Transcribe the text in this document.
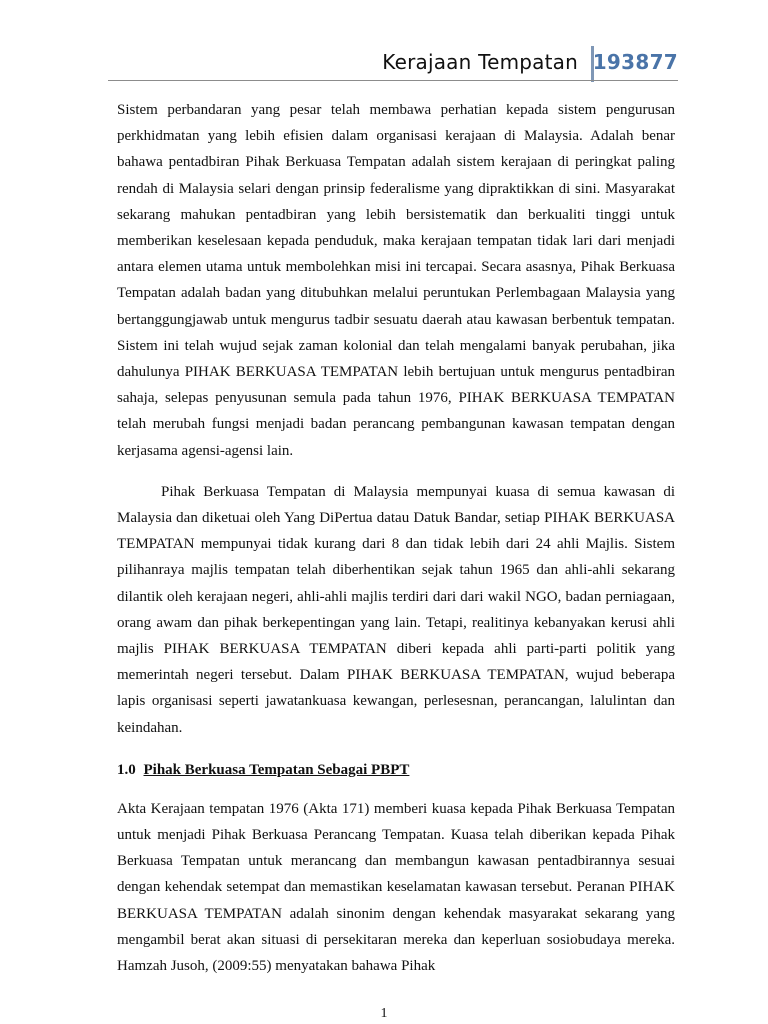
Kerajaan Tempatan 193877

Sistem perbandaran yang pesar telah membawa perhatian kepada sistem pengurusan perkhidmatan yang lebih efisien dalam organisasi kerajaan di Malaysia. Adalah benar bahawa pentadbiran Pihak Berkuasa Tempatan adalah sistem kerajaan di peringkat paling rendah di Malaysia selari dengan prinsip federalisme yang dipraktikkan di sini. Masyarakat sekarang mahukan pentadbiran yang lebih bersistematik dan berkualiti tinggi untuk memberikan keselesaan kepada penduduk, maka kerajaan tempatan tidak lari dari menjadi antara elemen utama untuk membolehkan misi ini tercapai. Secara asasnya, Pihak Berkuasa Tempatan adalah badan yang ditubuhkan melalui peruntukan Perlembagaan Malaysia yang bertanggungjawab untuk mengurus tadbir sesuatu daerah atau kawasan berbentuk tempatan. Sistem ini telah wujud sejak zaman kolonial dan telah mengalami banyak perubahan, jika dahulunya PIHAK BERKUASA TEMPATAN lebih bertujuan untuk mengurus pentadbiran sahaja, selepas penyusunan semula pada tahun 1976, PIHAK BERKUASA TEMPATAN telah merubah fungsi menjadi badan perancang pembangunan kawasan tempatan dengan kerjasama agensi-agensi lain.

Pihak Berkuasa Tempatan di Malaysia mempunyai kuasa di semua kawasan di Malaysia dan diketuai oleh Yang DiPertua datau Datuk Bandar, setiap PIHAK BERKUASA TEMPATAN mempunyai tidak kurang dari 8 dan tidak lebih dari 24 ahli Majlis. Sistem pilihanraya majlis tempatan telah diberhentikan sejak tahun 1965 dan ahli-ahli sekarang dilantik oleh kerajaan negeri, ahli-ahli majlis terdiri dari dari wakil NGO, badan perniagaan, orang awam dan pihak berkepentingan yang lain. Tetapi, realitinya kebanyakan kerusi ahli majlis PIHAK BERKUASA TEMPATAN diberi kepada ahli parti-parti politik yang memerintah negeri tersebut. Dalam PIHAK BERKUASA TEMPATAN, wujud beberapa lapis organisasi seperti jawatankuasa kewangan, perlesesnan, perancangan, lalulintan dan keindahan.

1.0 Pihak Berkuasa Tempatan Sebagai PBPT

Akta Kerajaan tempatan 1976 (Akta 171) memberi kuasa kepada Pihak Berkuasa Tempatan untuk menjadi Pihak Berkuasa Perancang Tempatan. Kuasa telah diberikan kepada Pihak Berkuasa Tempatan untuk merancang dan membangun kawasan pentadbirannya sesuai dengan kehendak setempat dan memastikan keselamatan kawasan tersebut. Peranan PIHAK BERKUASA TEMPATAN adalah sinonim dengan kehendak masyarakat sekarang yang mengambil berat akan situasi di persekitaran mereka dan keperluan sosiobudaya mereka. Hamzah Jusoh, (2009:55) menyatakan bahawa Pihak

1
